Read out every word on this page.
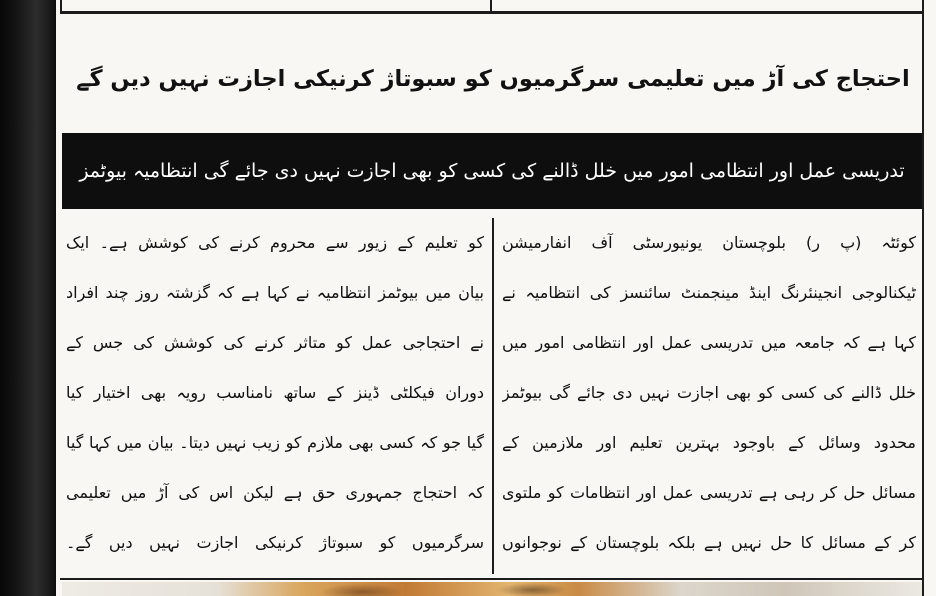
احتجاج کی آڑ میں تعلیمی سرگرمیوں کو سبوتاژ کرنیکی اجازت نہیں دیں گے
تدریسی عمل اور انتظامی امور میں خلل ڈالنے کی کسی کو بھی اجازت نہیں دی جائے گی انتظامیہ بیوٹمز
کوئٹہ (پ ر) بلوچستان یونیورسٹی آف انفارمیشن
ٹیکنالوجی انجینئرنگ اینڈ مینجمنٹ سائنسز کی انتظامیہ نے
کہا ہے کہ جامعہ میں تدریسی عمل اور انتظامی امور میں
خلل ڈالنے کی کسی کو بھی اجازت نہیں دی جائے گی بیوٹمز
محدود وسائل کے باوجود بہترین تعلیم اور ملازمین کے
مسائل حل کر رہی ہے تدریسی عمل اور انتظامات کو ملتوی
کر کے مسائل کا حل نہیں ہے بلکہ بلوچستان کے نوجوانوں
کو تعلیم کے زیور سے محروم کرنے کی کوشش ہے۔ ایک
بیان میں بیوٹمز انتظامیہ نے کہا ہے کہ گزشتہ روز چند افراد
نے احتجاجی عمل کو متاثر کرنے کی کوشش کی جس کے
دوران فیکلٹی ڈینز کے ساتھ نامناسب رویہ بھی اختیار کیا
گیا جو کہ کسی بھی ملازم کو زیب نہیں دیتا۔ بیان میں کہا گیا
کہ احتجاج جمہوری حق ہے لیکن اس کی آڑ میں تعلیمی
سرگرمیوں کو سبوتاژ کرنیکی اجازت نہیں دیں گے۔
